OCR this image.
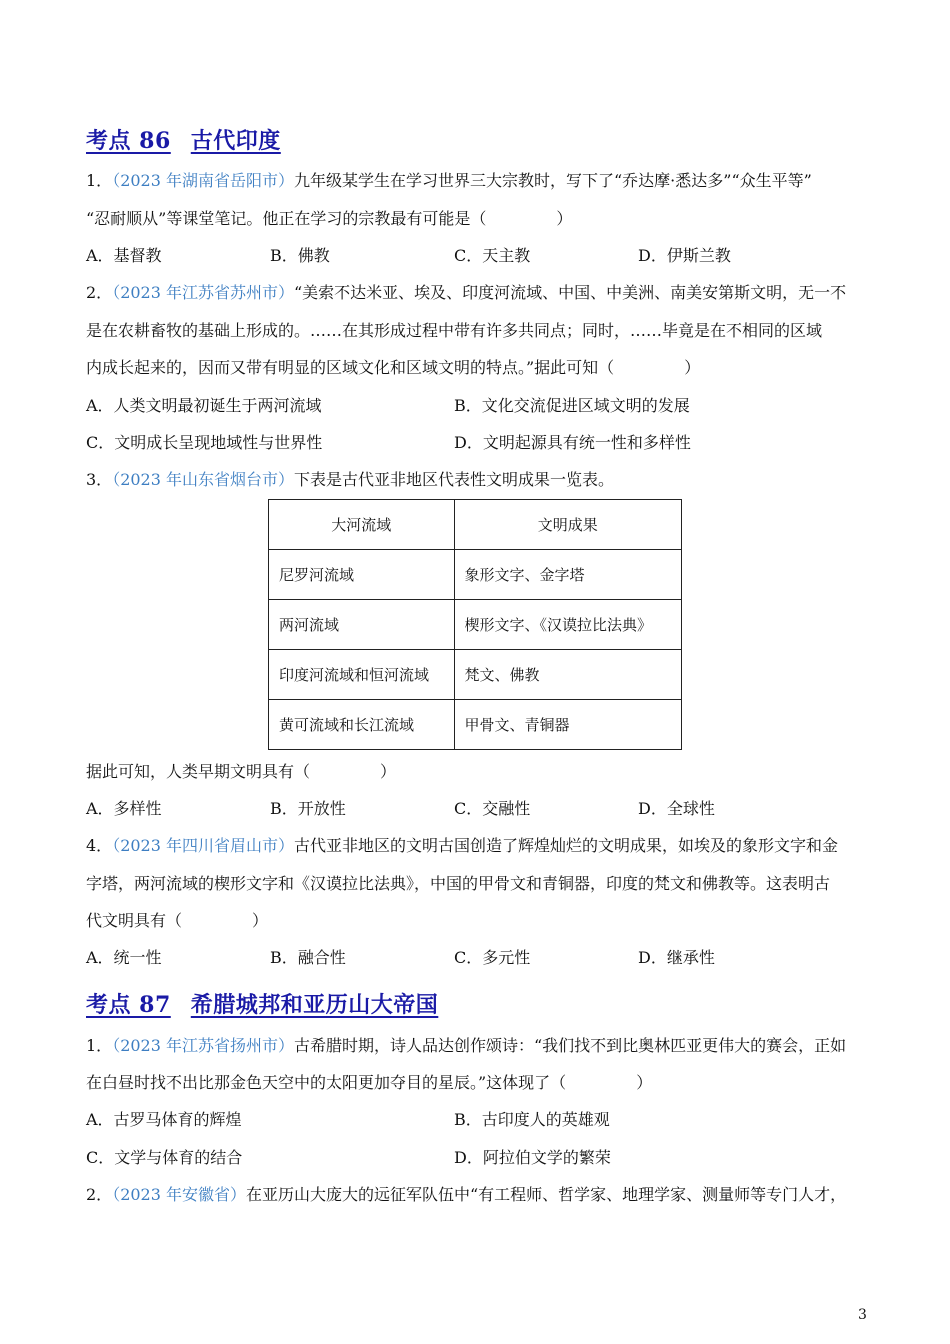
考点 86 古代印度
1．（2023 年湖南省岳阳市）九年级某学生在学习世界三大宗教时，写下了“乔达摩·悉达多”“众生平等”
“忍耐顺从”等课堂笔记。他正在学习的宗教最有可能是（	）
A．基督教	B．佛教	C．天主教	D．伊斯兰教
2．（2023 年江苏省苏州市）“美索不达米亚、埃及、印度河流域、中国、中美洲、南美安第斯文明，无一不
是在农耕畜牧的基础上形成的。……在其形成过程中带有许多共同点；同时，……毕竟是在不相同的区域
内成长起来的，因而又带有明显的区域文化和区域文明的特点。”据此可知（	）
A．人类文明最初诞生于两河流域	B．文化交流促进区域文明的发展
C．文明成长呈现地域性与世界性	D．文明起源具有统一性和多样性
3．（2023 年山东省烟台市）下表是古代亚非地区代表性文明成果一览表。
大河流域	文明成果
尼罗河流域	象形文字、金字塔
两河流域	楔形文字、《汉谟拉比法典》
印度河流域和恒河流域	梵文、佛教
黄可流域和长江流域	甲骨文、青铜器
据此可知，人类早期文明具有（	）
A．多样性	B．开放性	C．交融性	D．全球性
4．（2023 年四川省眉山市）古代亚非地区的文明古国创造了辉煌灿烂的文明成果，如埃及的象形文字和金
字塔，两河流域的楔形文字和《汉谟拉比法典》，中国的甲骨文和青铜器，印度的梵文和佛教等。这表明古
代文明具有（	）
A．统一性	B．融合性	C．多元性	D．继承性
考点 87 希腊城邦和亚历山大帝国
1．（2023 年江苏省扬州市）古希腊时期，诗人品达创作颂诗：“我们找不到比奥林匹亚更伟大的赛会，正如
在白昼时找不出比那金色天空中的太阳更加夺目的星辰。”这体现了（	）
A．古罗马体育的辉煌	B．古印度人的英雄观
C．文学与体育的结合	D．阿拉伯文学的繁荣
2．（2023 年安徽省）在亚历山大庞大的远征军队伍中“有工程师、哲学家、地理学家、测量师等专门人才，
3
